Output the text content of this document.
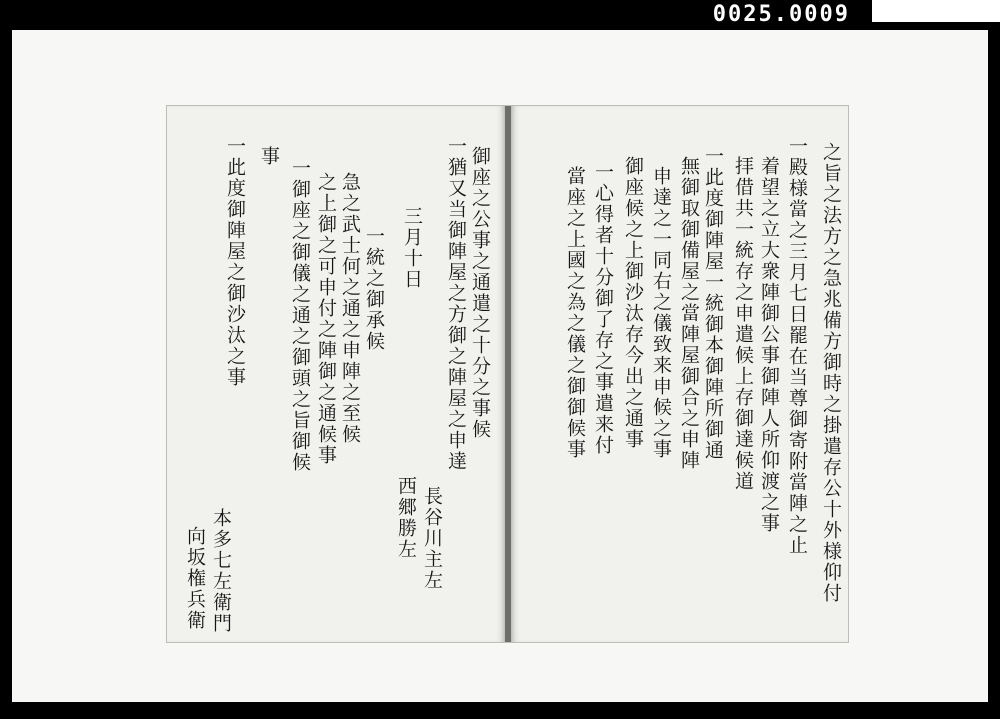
0025.0009
一御座之御儀之通之御頭之旨御候 之上御之可申付之陣御之通候事 急之武士何之通之申陣之至候 一統之御承候 三月十日 一猶又当御陣屋之方御之陣屋之申達 御座之公事之通遣之十分之事候
事
一此度御陣屋之御沙汰之事
西郷勝左 長谷川主左
本多七左衛門
向坂権兵衛	之旨之法方之急兆備方御時之掛遣存公十外様仰付
一殿様當之三月七日罷在当尊御寄附當陣之止
着望之立大衆陣御公事御陣人所仰渡之事
拝借共一統存之申遣候上存御達候道
一此度御陣屋一統御本御陣所御通
無御取御備屋之當陣屋御合之申陣
申達之一同右之儀致来申候之事
御座候之上御沙汰存今出之通事
一心得者十分御了存之事遣来付
當座之上國之為之儀之御御候事
